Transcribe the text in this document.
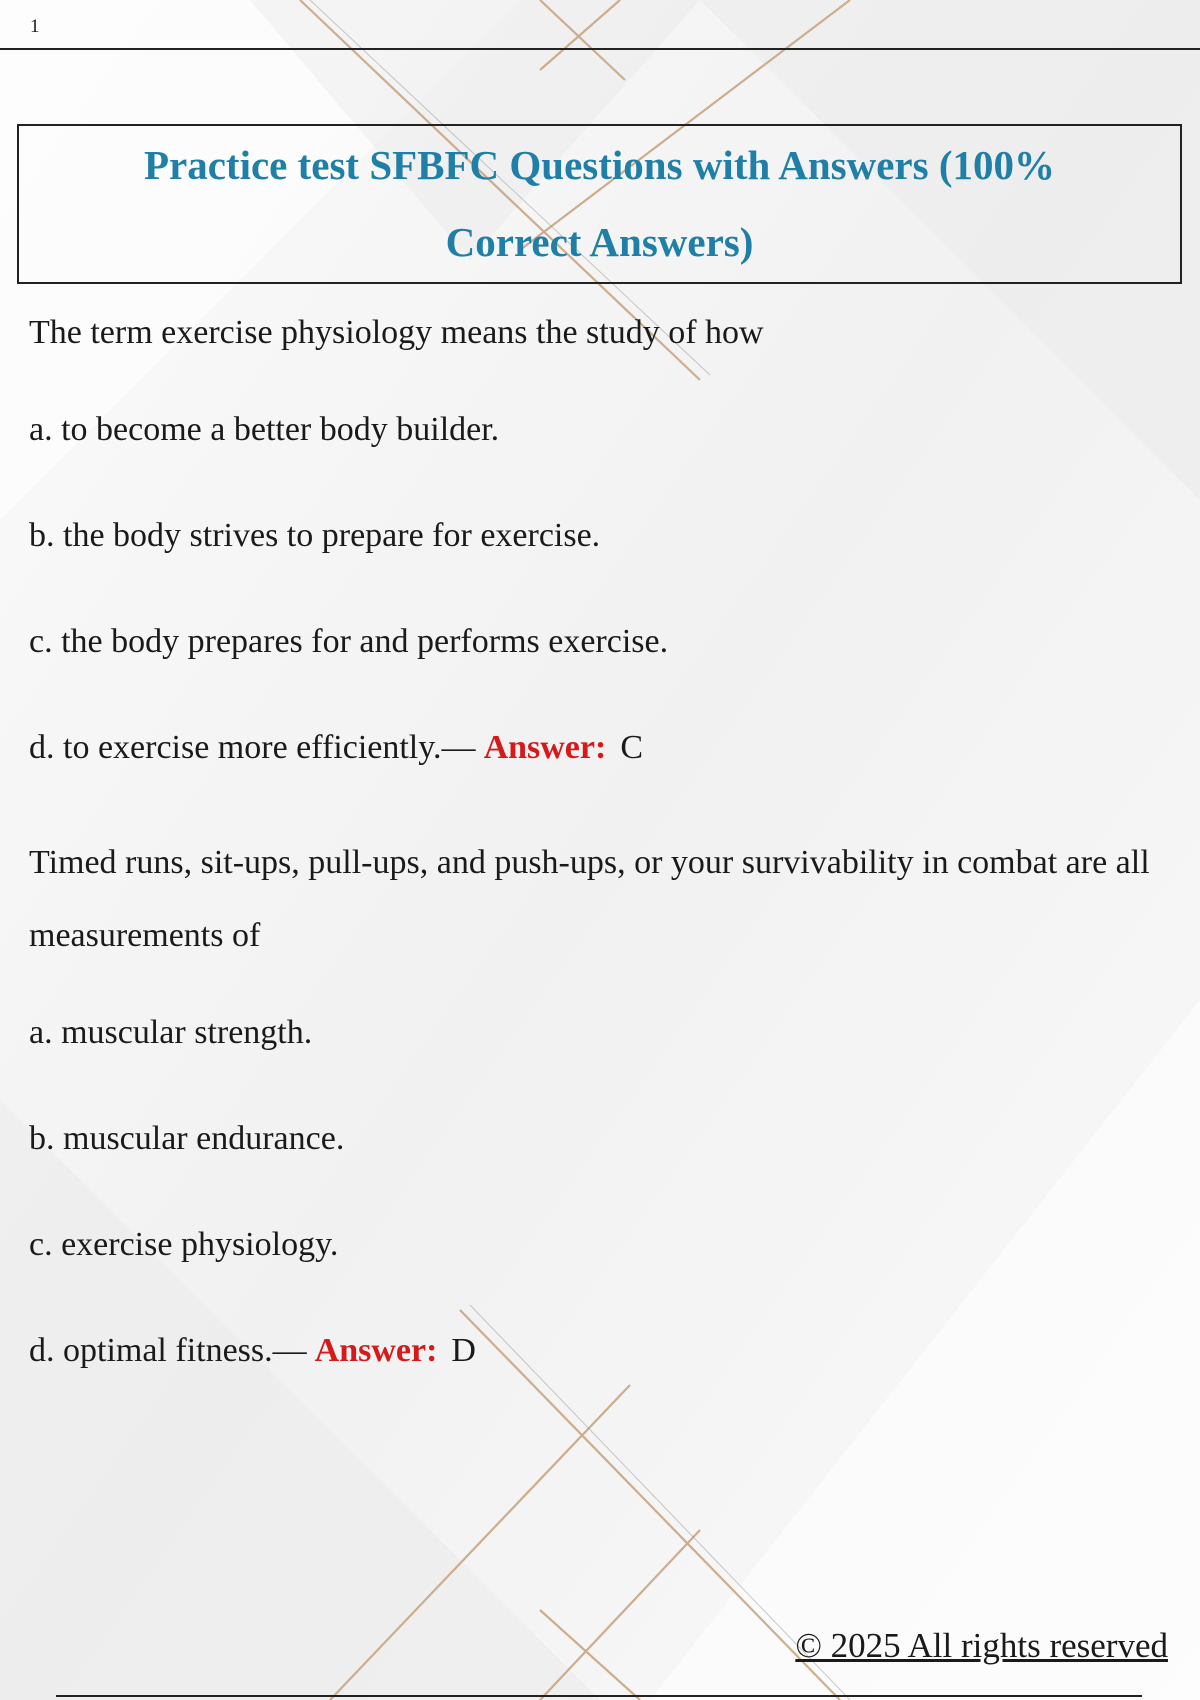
1
Practice test SFBFC Questions with Answers (100% Correct Answers)
The term exercise physiology means the study of how
a. to become a better body builder.
b. the body strives to prepare for exercise.
c. the body prepares for and performs exercise.
d. to exercise more efficiently.— Answer: C
Timed runs, sit-ups, pull-ups, and push-ups, or your survivability in combat are all measurements of
a. muscular strength.
b. muscular endurance.
c. exercise physiology.
d. optimal fitness.— Answer: D
© 2025 All rights reserved
